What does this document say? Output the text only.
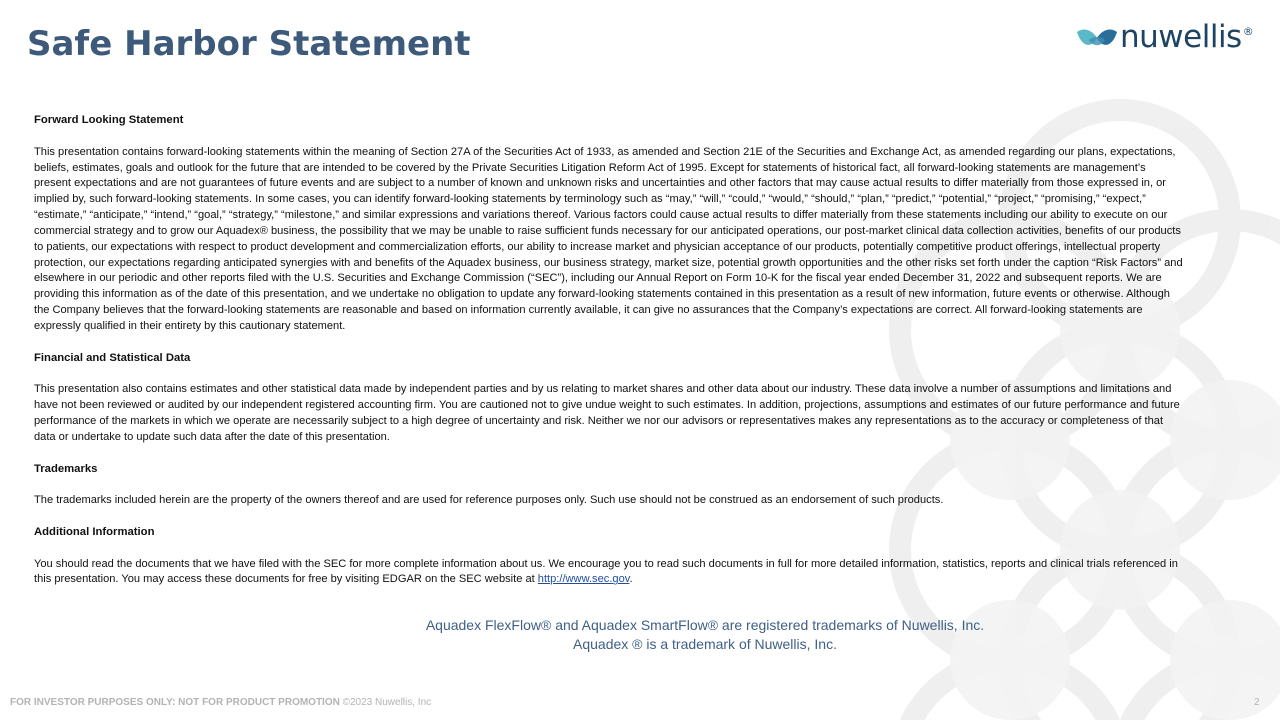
Safe Harbor Statement	nuwellis®
Forward Looking Statement

This presentation contains forward-looking statements within the meaning of Section 27A of the Securities Act of 1933, as amended and Section 21E of the Securities and Exchange Act, as amended regarding our plans, expectations, beliefs, estimates, goals and outlook for the future that are intended to be covered by the Private Securities Litigation Reform Act of 1995. Except for statements of historical fact, all forward-looking statements are management’s present expectations and are not guarantees of future events and are subject to a number of known and unknown risks and uncertainties and other factors that may cause actual results to differ materially from those expressed in, or implied by, such forward-looking statements. In some cases, you can identify forward-looking statements by terminology such as “may,” “will,” “could,” “would,” “should,” “plan,” “predict,” “potential,” “project,” “promising,” “expect,” “estimate,” “anticipate,” “intend,” “goal,” “strategy,” “milestone,” and similar expressions and variations thereof. Various factors could cause actual results to differ materially from these statements including our ability to execute on our commercial strategy and to grow our Aquadex® business, the possibility that we may be unable to raise sufficient funds necessary for our anticipated operations, our post-market clinical data collection activities, benefits of our products to patients, our expectations with respect to product development and commercialization efforts, our ability to increase market and physician acceptance of our products, potentially competitive product offerings, intellectual property protection, our expectations regarding anticipated synergies with and benefits of the Aquadex business, our business strategy, market size, potential growth opportunities and the other risks set forth under the caption “Risk Factors” and elsewhere in our periodic and other reports filed with the U.S. Securities and Exchange Commission (“SEC”), including our Annual Report on Form 10-K for the fiscal year ended December 31, 2022 and subsequent reports. We are providing this information as of the date of this presentation, and we undertake no obligation to update any forward-looking statements contained in this presentation as a result of new information, future events or otherwise. Although the Company believes that the forward-looking statements are reasonable and based on information currently available, it can give no assurances that the Company’s expectations are correct. All forward-looking statements are expressly qualified in their entirety by this cautionary statement.

Financial and Statistical Data

This presentation also contains estimates and other statistical data made by independent parties and by us relating to market shares and other data about our industry. These data involve a number of assumptions and limitations and have not been reviewed or audited by our independent registered accounting firm. You are cautioned not to give undue weight to such estimates. In addition, projections, assumptions and estimates of our future performance and future performance of the markets in which we operate are necessarily subject to a high degree of uncertainty and risk. Neither we nor our advisors or representatives makes any representations as to the accuracy or completeness of that data or undertake to update such data after the date of this presentation.

Trademarks

The trademarks included herein are the property of the owners thereof and are used for reference purposes only. Such use should not be construed as an endorsement of such products.

Additional Information

You should read the documents that we have filed with the SEC for more complete information about us. We encourage you to read such documents in full for more detailed information, statistics, reports and clinical trials referenced in this presentation. You may access these documents for free by visiting EDGAR on the SEC website at http://www.sec.gov.

Aquadex FlexFlow® and Aquadex SmartFlow® are registered trademarks of Nuwellis, Inc.
Aquadex ® is a trademark of Nuwellis, Inc.
FOR INVESTOR PURPOSES ONLY: NOT FOR PRODUCT PROMOTION ©2023 Nuwellis, Inc	2
